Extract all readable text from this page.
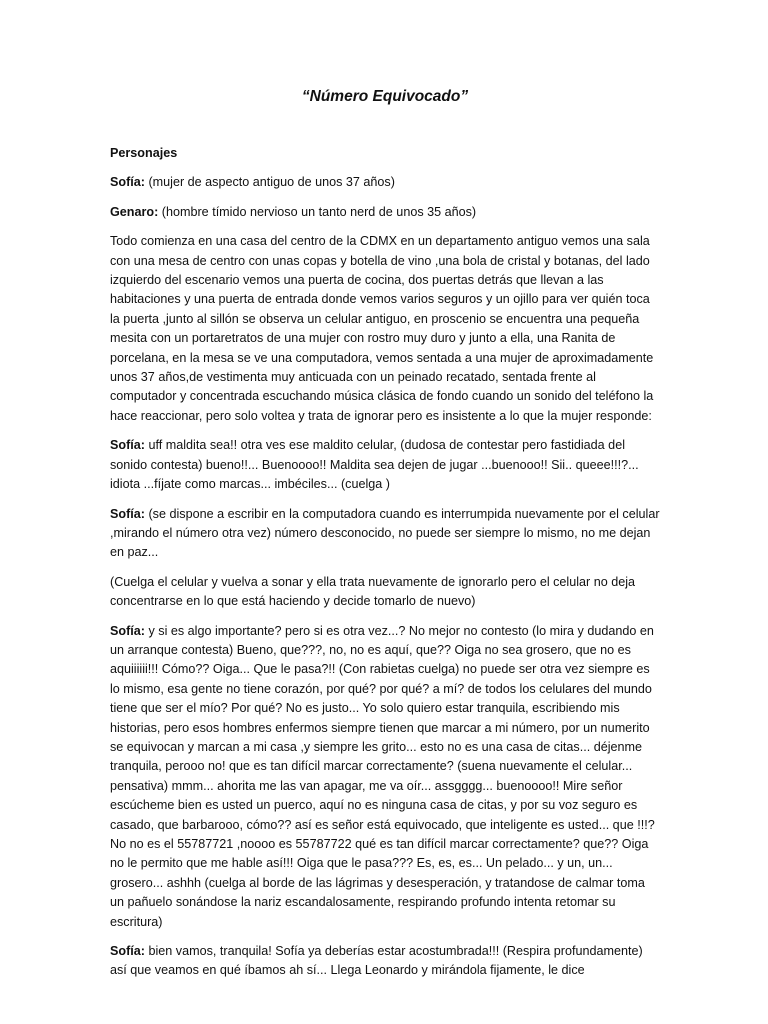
“Número Equivocado”

Personajes

Sofía: (mujer de aspecto antiguo de unos 37 años)

Genaro: (hombre tímido nervioso un tanto nerd de unos 35 años)

Todo comienza en una casa del centro de la CDMX en un departamento antiguo vemos una sala con una mesa de centro con unas copas y botella de vino ,una bola de cristal y botanas, del lado izquierdo del escenario vemos una puerta de cocina, dos puertas detrás que llevan a las habitaciones y una puerta de entrada donde vemos varios seguros y un ojillo para ver quién toca la puerta ,junto al sillón se observa un celular antiguo, en proscenio se encuentra una pequeña mesita con un portaretratos de una mujer con rostro muy duro y junto a ella, una Ranita de porcelana, en la mesa se ve una computadora, vemos sentada a una mujer de aproximadamente unos 37 años,de vestimenta muy anticuada con un peinado recatado, sentada frente al computador y concentrada escuchando música clásica de fondo cuando un sonido del teléfono la hace reaccionar, pero solo voltea y trata de ignorar pero es insistente a lo que la mujer responde:

Sofía: uff maldita sea!! otra ves ese maldito celular, (dudosa de contestar pero fastidiada del sonido contesta) bueno!!... Buenoooo!! Maldita sea dejen de jugar ...buenooo!! Sii.. queee!!!?... idiota ...fíjate como marcas... imbéciles... (cuelga )

Sofía: (se dispone a escribir en la computadora cuando es interrumpida nuevamente por el celular ,mirando el número otra vez) número desconocido, no puede ser siempre lo mismo, no me dejan en paz...

(Cuelga el celular y vuelva a sonar y ella trata nuevamente de ignorarlo pero el celular no deja concentrarse en lo que está haciendo y decide tomarlo de nuevo)

Sofía: y si es algo importante? pero si es otra vez...? No mejor no contesto (lo mira y dudando en un arranque contesta) Bueno, que???, no, no es aquí, que?? Oiga no sea grosero, que no es aquiiiiii!!! Cómo?? Oiga... Que le pasa?!! (Con rabietas cuelga) no puede ser otra vez siempre es lo mismo, esa gente no tiene corazón, por qué? por qué? a mí? de todos los celulares del mundo tiene que ser el mío? Por qué? No es justo... Yo solo quiero estar tranquila, escribiendo mis historias, pero esos hombres enfermos siempre tienen que marcar a mi número, por un numerito se equivocan y marcan a mi casa ,y siempre les grito... esto no es una casa de citas... déjenme tranquila, perooo no! que es tan difícil marcar correctamente? (suena nuevamente el celular... pensativa) mmm... ahorita me las van apagar, me va oír... assgggg... buenoooo!! Mire señor escúcheme bien es usted un puerco, aquí no es ninguna casa de citas, y por su voz seguro es casado, que barbarooo, cómo?? así es señor está equivocado, que inteligente es usted... que !!!? No no es el 55787721 ,noooo es 55787722 qué es tan difícil marcar correctamente? que?? Oiga no le permito que me hable así!!! Oiga que le pasa??? Es, es, es... Un pelado... y un, un... grosero... ashhh (cuelga al borde de las lágrimas y desesperación, y tratandose de calmar toma un pañuelo sonándose la nariz escandalosamente, respirando profundo intenta retomar su escritura)

Sofía: bien vamos, tranquila! Sofía ya deberías estar acostumbrada!!! (Respira profundamente) así que veamos en qué íbamos ah sí... Llega Leonardo y mirándola fijamente, le dice
